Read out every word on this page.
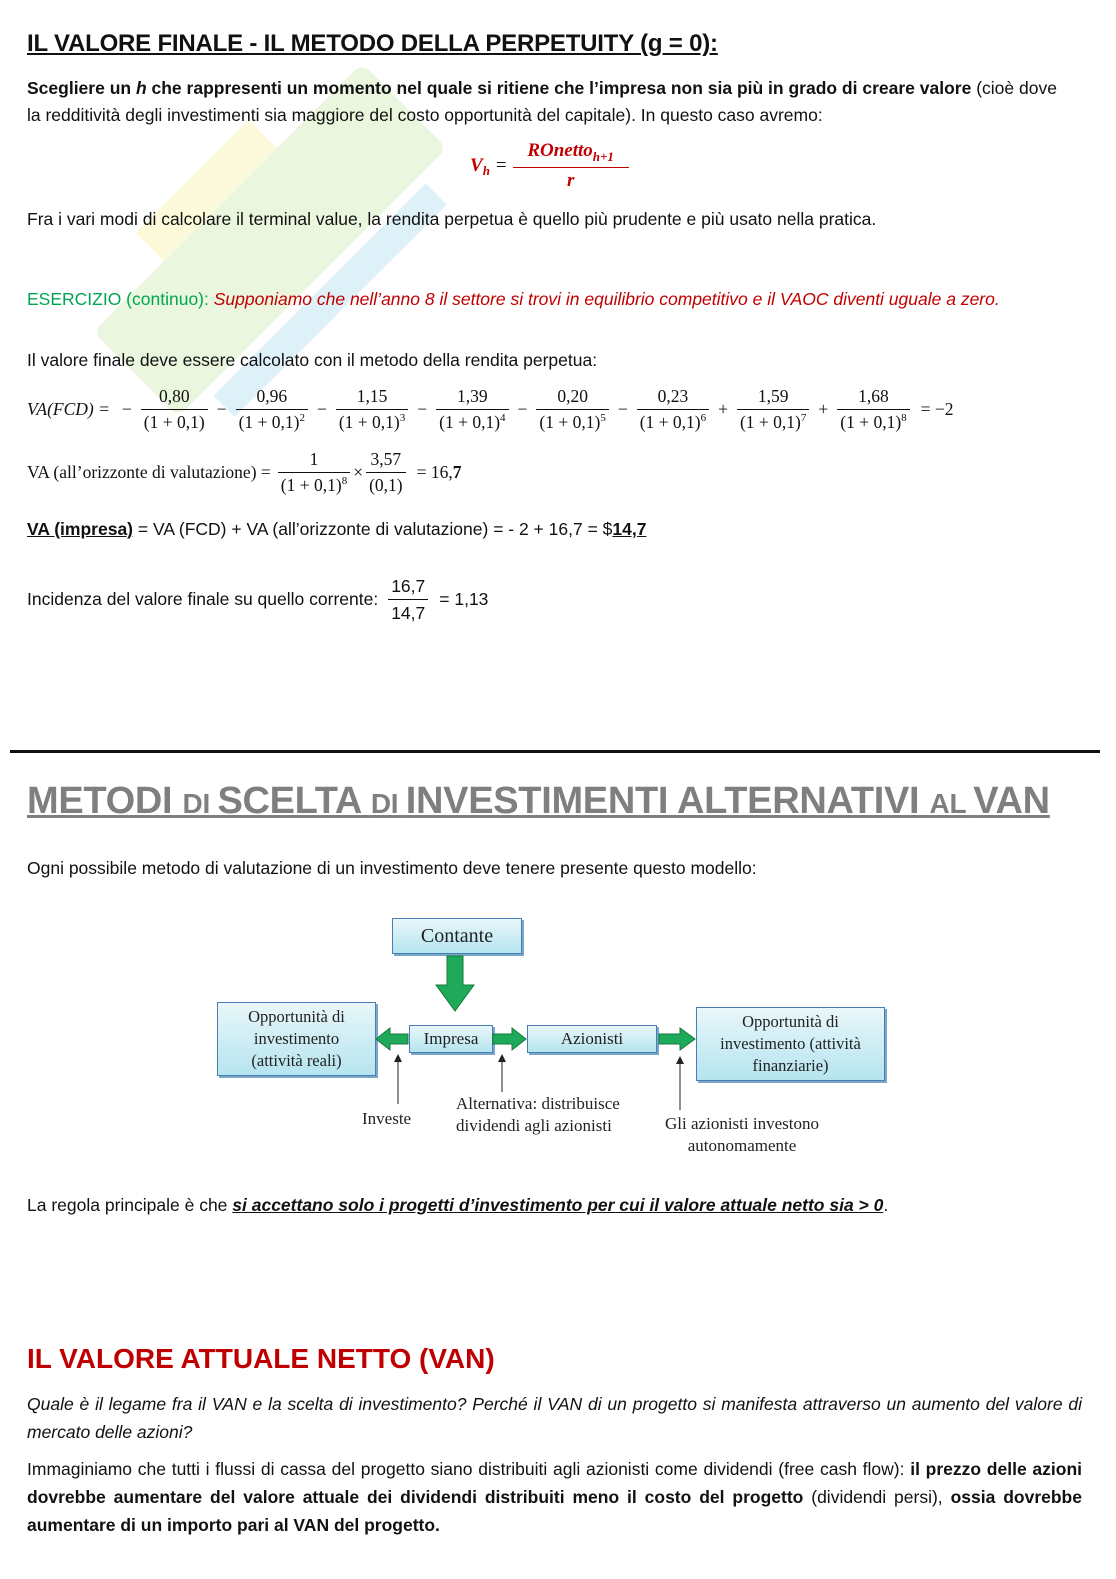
IL VALORE FINALE - IL METODO DELLA PERPETUITY (g = 0):
Scegliere un h che rappresenti un momento nel quale si ritiene che l’impresa non sia più in grado di creare valore (cioè dove
la redditività degli investimenti sia maggiore del costo opportunità del capitale). In questo caso avremo:
$V_h = \frac{ROnetto_{h+1}}{r}$
Fra i vari modi di calcolare il terminal value, la rendita perpetua è quello più prudente e più usato nella pratica.
ESERCIZIO (continuo): Supponiamo che nell’anno 8 il settore si trovi in equilibrio competitivo e il VAOC diventi uguale a zero.
Il valore finale deve essere calcolato con il metodo della rendita perpetua:
VA(FCD) = − $\frac{0,80}{(1 + 0,1)} - \frac{0,96}{(1 + 0,1)^2} - \frac{1,15}{(1 + 0,1)^3} - \frac{1,39}{(1 + 0,1)^4} - \frac{0,20}{(1 + 0,1)^5} - \frac{0,23}{(1 + 0,1)^6} + \frac{1,59}{(1 + 0,1)^7} + \frac{1,68}{(1 + 0,1)^8} = -2$
VA (all’orizzonte di valutazione) = $\frac{1}{(1 + 0,1)^8} \times \frac{3,57}{(0,1)} = 16,7$
VA (impresa) = VA (FCD) + VA (all’orizzonte di valutazione) = - 2 + 16,7 = $14,7
Incidenza del valore finale su quello corrente: $\frac{16,7}{14,7} = 1,13$
METODI DI SCELTA DI INVESTIMENTI ALTERNATIVI AL VAN
Ogni possibile metodo di valutazione di un investimento deve tenere presente questo modello:
Contante
Opportunità di
investimento
(attività reali)
Impresa	Azionisti
Opportunità di
investimento (attività
finanziarie)
Investe
Alternativa: distribuisce
dividendi agli azionisti	Gli azionisti investono
autonomamente
La regola principale è che si accettano solo i progetti d’investimento per cui il valore attuale netto sia > 0.
IL VALORE ATTUALE NETTO (VAN)
Quale è il legame fra il VAN e la scelta di investimento? Perché il VAN di un progetto si manifesta attraverso un aumento del valore di mercato delle azioni?
Immaginiamo che tutti i flussi di cassa del progetto siano distribuiti agli azionisti come dividendi (free cash flow): il prezzo delle azioni dovrebbe aumentare del valore attuale dei dividendi distribuiti meno il costo del progetto (dividendi persi), ossia dovrebbe aumentare di un importo pari al VAN del progetto.
